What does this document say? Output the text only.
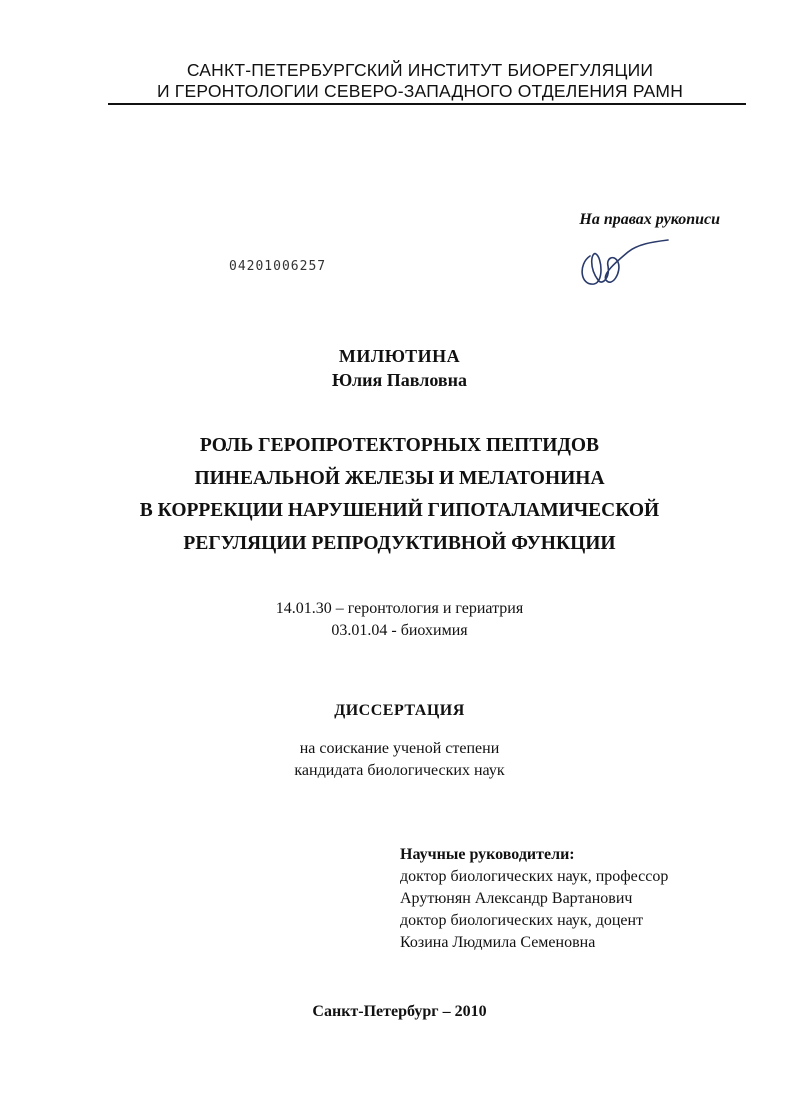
САНКТ-ПЕТЕРБУРГСКИЙ ИНСТИТУТ БИОРЕГУЛЯЦИИ
И ГЕРОНТОЛОГИИ СЕВЕРО-ЗАПАДНОГО ОТДЕЛЕНИЯ РАМН
На правах рукописи
04201006257
МИЛЮТИНА
Юлия Павловна
РОЛЬ ГЕРОПРОТЕКТОРНЫХ ПЕПТИДОВ
ПИНЕАЛЬНОЙ ЖЕЛЕЗЫ И МЕЛАТОНИНА
В КОРРЕКЦИИ НАРУШЕНИЙ ГИПОТАЛАМИЧЕСКОЙ
РЕГУЛЯЦИИ РЕПРОДУКТИВНОЙ ФУНКЦИИ
14.01.30 – геронтология и гериатрия
03.01.04 - биохимия
ДИССЕРТАЦИЯ
на соискание ученой степени
кандидата биологических наук
Научные руководители:
доктор биологических наук, профессор
Арутюнян Александр Вартанович
доктор биологических наук, доцент
Козина Людмила Семеновна
Санкт-Петербург – 2010
